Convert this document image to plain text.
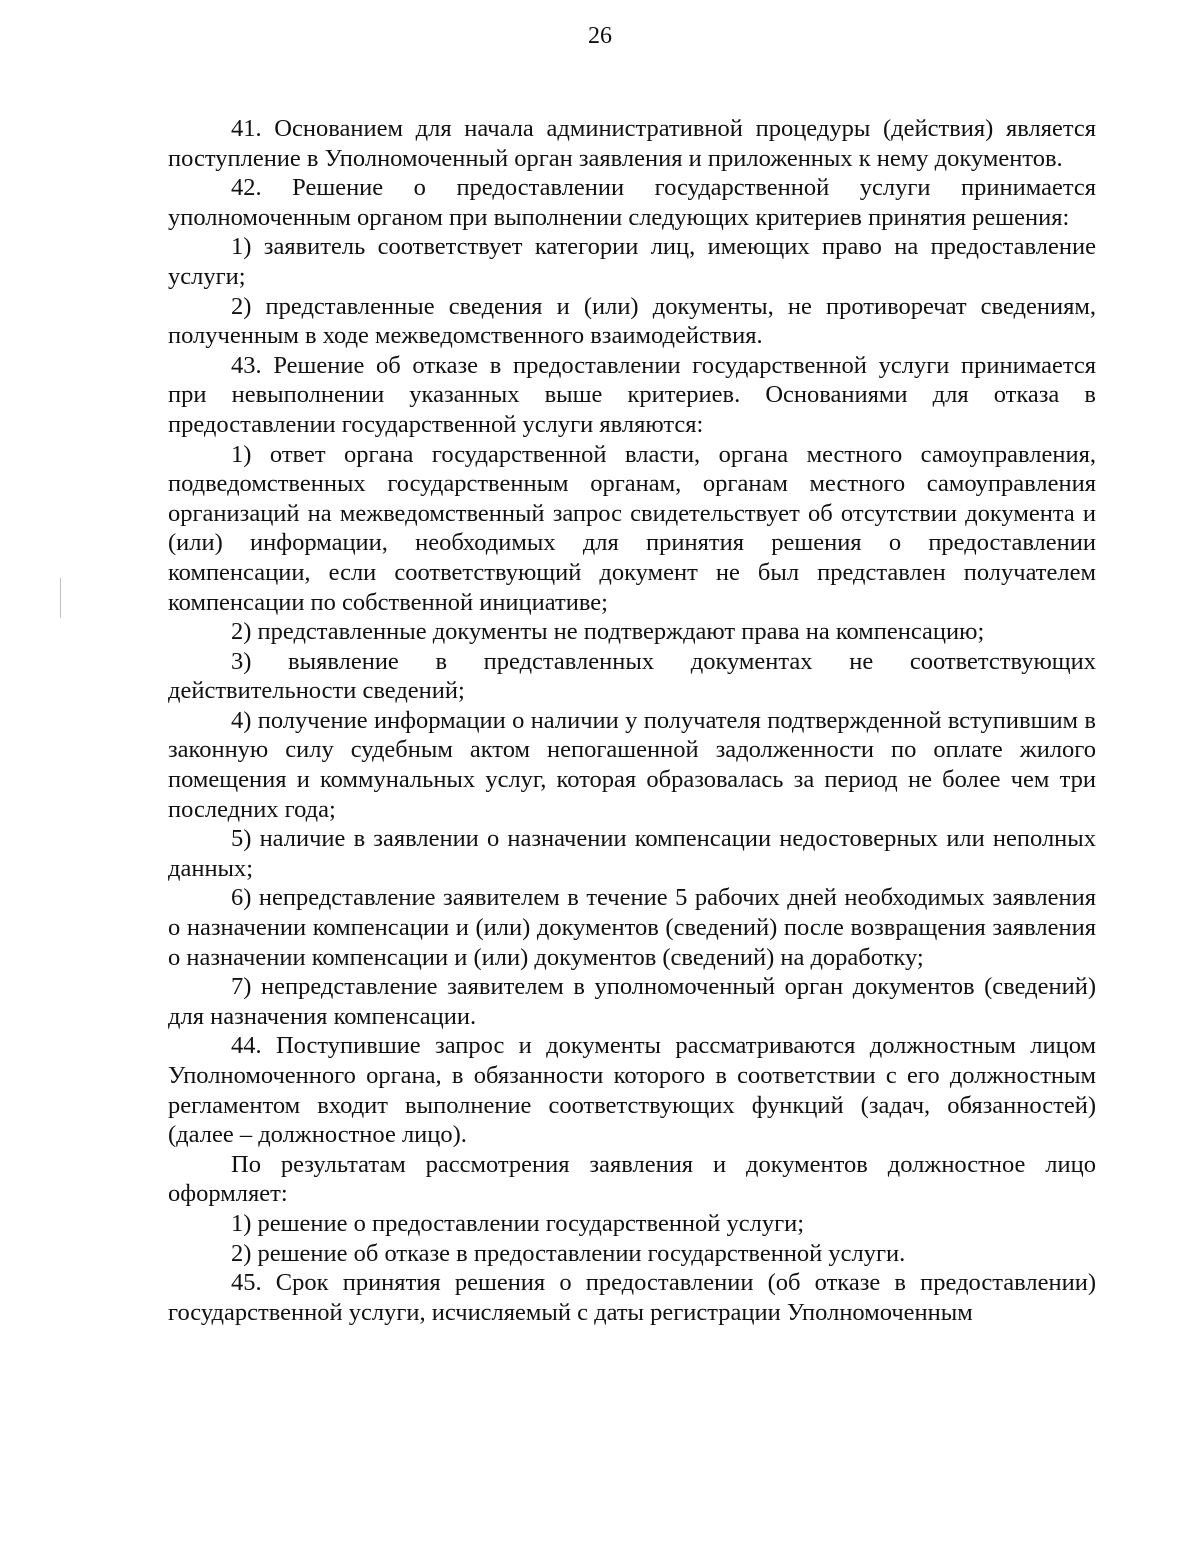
26

41. Основанием для начала административной процедуры (действия) является поступление в Уполномоченный орган заявления и приложенных к нему документов.

42. Решение о предоставлении государственной услуги принимается уполномоченным органом при выполнении следующих критериев принятия решения:

1) заявитель соответствует категории лиц, имеющих право на предоставление услуги;

2) представленные сведения и (или) документы, не противоречат сведениям, полученным в ходе межведомственного взаимодействия.

43. Решение об отказе в предоставлении государственной услуги принимается при невыполнении указанных выше критериев. Основаниями для отказа в предоставлении государственной услуги являются:

1) ответ органа государственной власти, органа местного самоуправления, подведомственных государственным органам, органам местного самоуправления организаций на межведомственный запрос свидетельствует об отсутствии документа и (или) информации, необходимых для принятия решения о предоставлении компенсации, если соответствующий документ не был представлен получателем компенсации по собственной инициативе;

2) представленные документы не подтверждают права на компенсацию;

3) выявление в представленных документах не соответствующих действительности сведений;

4) получение информации о наличии у получателя подтвержденной вступившим в законную силу судебным актом непогашенной задолженности по оплате жилого помещения и коммунальных услуг, которая образовалась за период не более чем три последних года;

5) наличие в заявлении о назначении компенсации недостоверных или неполных данных;

6) непредставление заявителем в течение 5 рабочих дней необходимых заявления о назначении компенсации и (или) документов (сведений) после возвращения заявления о назначении компенсации и (или) документов (сведений) на доработку;

7) непредставление заявителем в уполномоченный орган документов (сведений) для назначения компенсации.

44. Поступившие запрос и документы рассматриваются должностным лицом Уполномоченного органа, в обязанности которого в соответствии с его должностным регламентом входит выполнение соответствующих функций (задач, обязанностей) (далее – должностное лицо).

По результатам рассмотрения заявления и документов должностное лицо оформляет:

1) решение о предоставлении государственной услуги;

2) решение об отказе в предоставлении государственной услуги.

45. Срок принятия решения о предоставлении (об отказе в предоставлении) государственной услуги, исчисляемый с даты регистрации Уполномоченным
